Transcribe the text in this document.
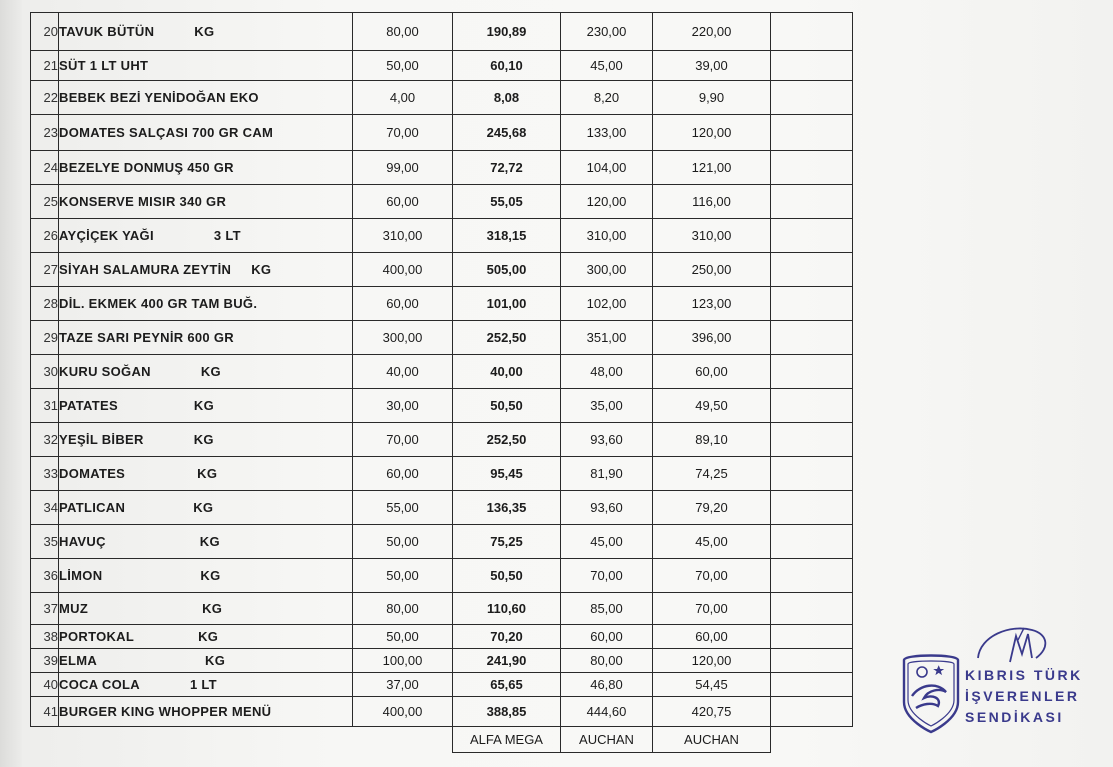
20	TAVUK BÜTÜN KG	80,00	190,89	230,00	220,00	
21	SÜT 1 LT UHT	50,00	60,10	45,00	39,00	
22	BEBEK BEZİ YENİDOĞAN EKO	4,00	8,08	8,20	9,90	
23	DOMATES SALÇASI 700 GR CAM	70,00	245,68	133,00	120,00	
24	BEZELYE DONMUŞ 450 GR	99,00	72,72	104,00	121,00	
25	KONSERVE MISIR 340 GR	60,00	55,05	120,00	116,00	
26	AYÇİÇEK YAĞI 3 LT	310,00	318,15	310,00	310,00	
27	SİYAH SALAMURA ZEYTİN KG	400,00	505,00	300,00	250,00	
28	DİL. EKMEK 400 GR TAM BUĞ.	60,00	101,00	102,00	123,00	
29	TAZE SARI PEYNİR 600 GR	300,00	252,50	351,00	396,00	
30	KURU SOĞAN KG	40,00	40,00	48,00	60,00	
31	PATATES KG	30,00	50,50	35,00	49,50	
32	YEŞİL BİBER KG	70,00	252,50	93,60	89,10	
33	DOMATES KG	60,00	95,45	81,90	74,25	
34	PATLICAN KG	55,00	136,35	93,60	79,20	
35	HAVUÇ KG	50,00	75,25	45,00	45,00	
36	LİMON KG	50,00	50,50	70,00	70,00	
37	MUZ KG	80,00	110,60	85,00	70,00	
38	PORTOKAL KG	50,00	70,20	60,00	60,00	
39	ELMA KG	100,00	241,90	80,00	120,00	
40	COCA COLA 1 LT	37,00	65,65	46,80	54,45	
41	BURGER KING WHOPPER MENÜ	400,00	388,85	444,60	420,75	
			ALFA MEGA	AUCHAN	AUCHAN	
KIBRIS TÜRK
İŞVERENLER
SENDİKASI
